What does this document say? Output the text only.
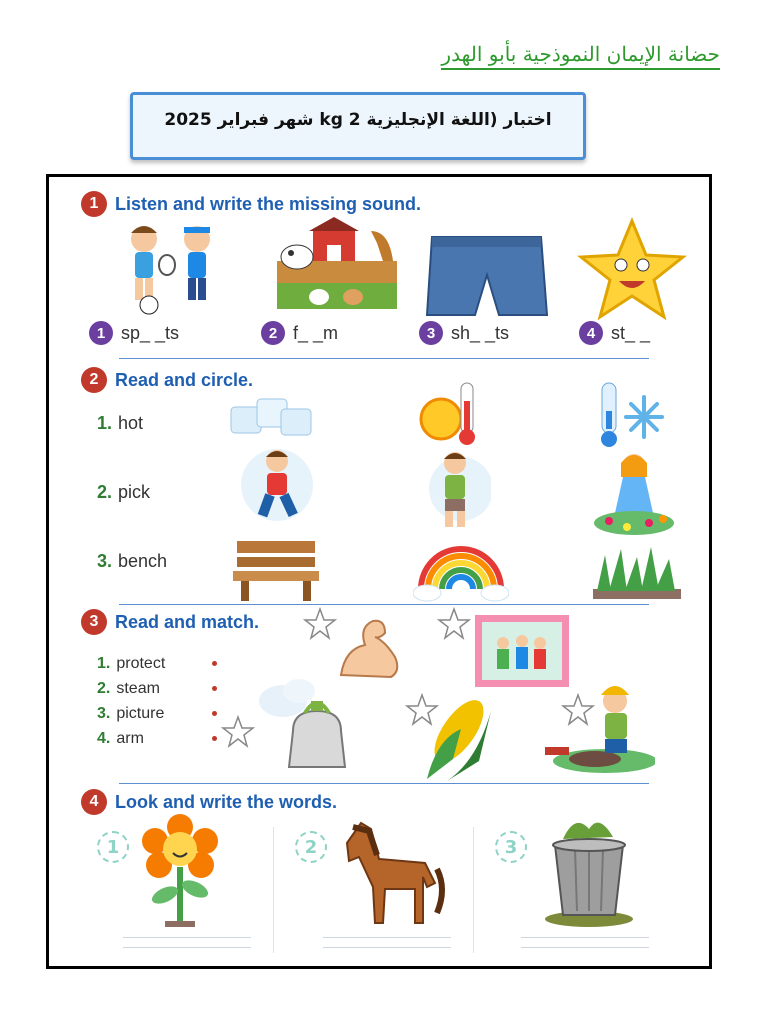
حضانة الإيمان النموذجية بأبو الهدر
اختبار (اللغة الإنجليزية 2 kg شهر فبراير 2025
1 Listen and write the missing sound.
1 sp_ _ts	2 f_ _m	3 sh_ _ts	4 st_ _
2 Read and circle.
1. hot
2. pick
3. bench
3 Read and match.
1. protect
2. steam
3. picture
4. arm
4 Look and write the words.
1	2	3
